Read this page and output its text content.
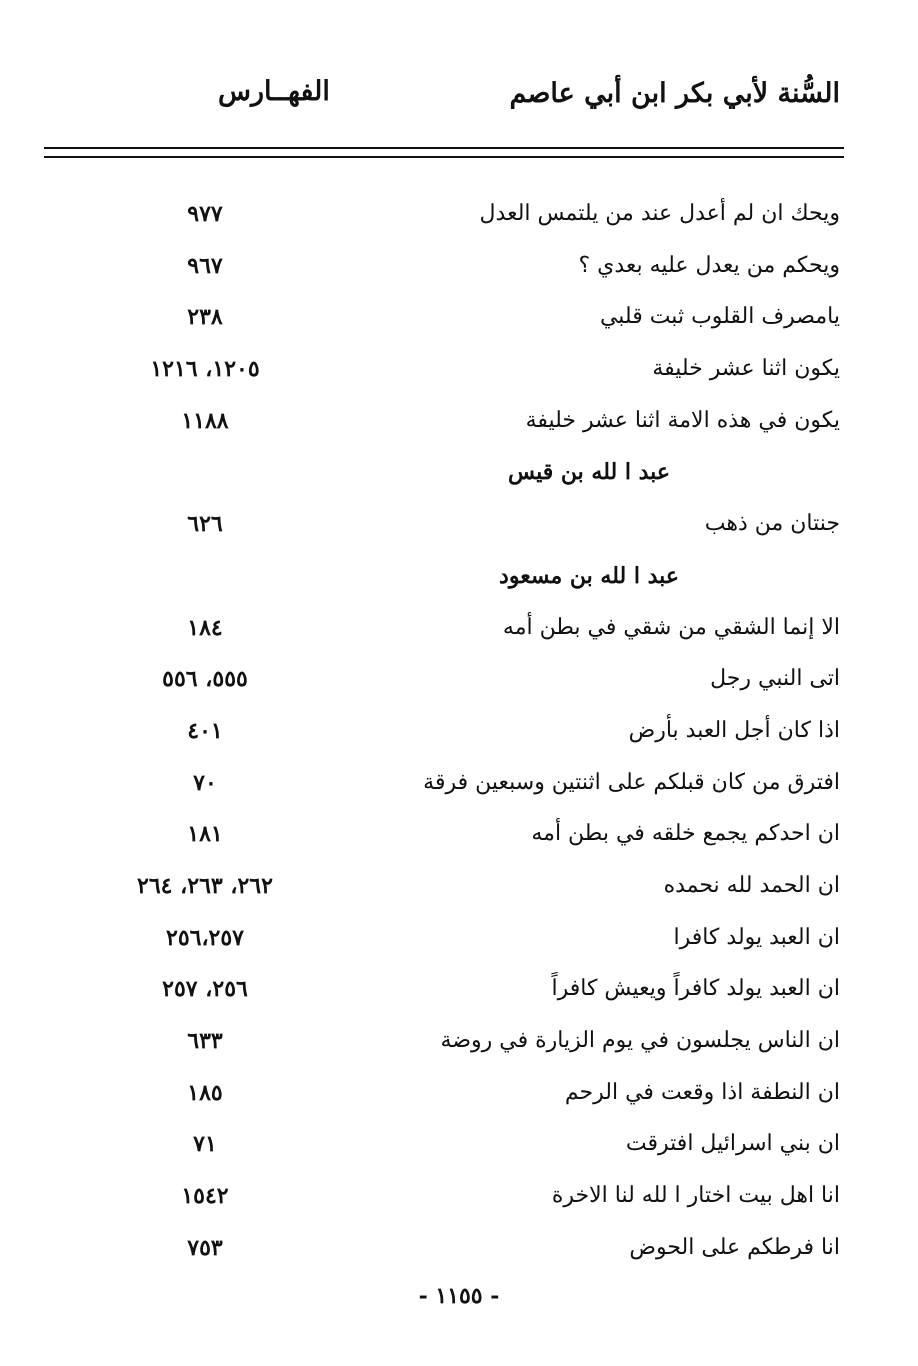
السُّنة لأبي بكر ابن أبي عاصم
الفهــارس
ويحك ان لم أعدل عند من يلتمس العدل
٩٧٧
ويحكم من يعدل عليه بعدي ؟
٩٦٧
يامصرف القلوب ثبت قلبي
٢٣٨
يكون اثنا عشر خليفة
١٢٠٥، ١٢١٦
يكون في هذه الامة اثنا عشر خليفة
١١٨٨
عبد ا لله بن قيس
جنتان من ذهب
٦٢٦
عبد ا لله بن مسعود
الا إنما الشقي من شقي في بطن أمه
١٨٤
اتى النبي رجل
٥٥٥، ٥٥٦
اذا كان أجل العبد بأرض
٤٠١
افترق من كان قبلكم على اثنتين وسبعين فرقة
٧٠
ان احدكم يجمع خلقه في بطن أمه
١٨١
ان الحمد لله نحمده
٢٦٢، ٢٦٣، ٢٦٤
ان العبد يولد كافرا
٢٥٦،٢٥٧
ان العبد يولد كافراً ويعيش كافراً
٢٥٦، ٢٥٧
ان الناس يجلسون في يوم الزيارة في روضة
٦٣٣
ان النطفة اذا وقعت في الرحم
١٨٥
ان بني اسرائيل افترقت
٧١
انا اهل بيت اختار ا لله لنا الاخرة
١٥٤٢
انا فرطكم على الحوض
٧٥٣
- ١١٥٥ -
